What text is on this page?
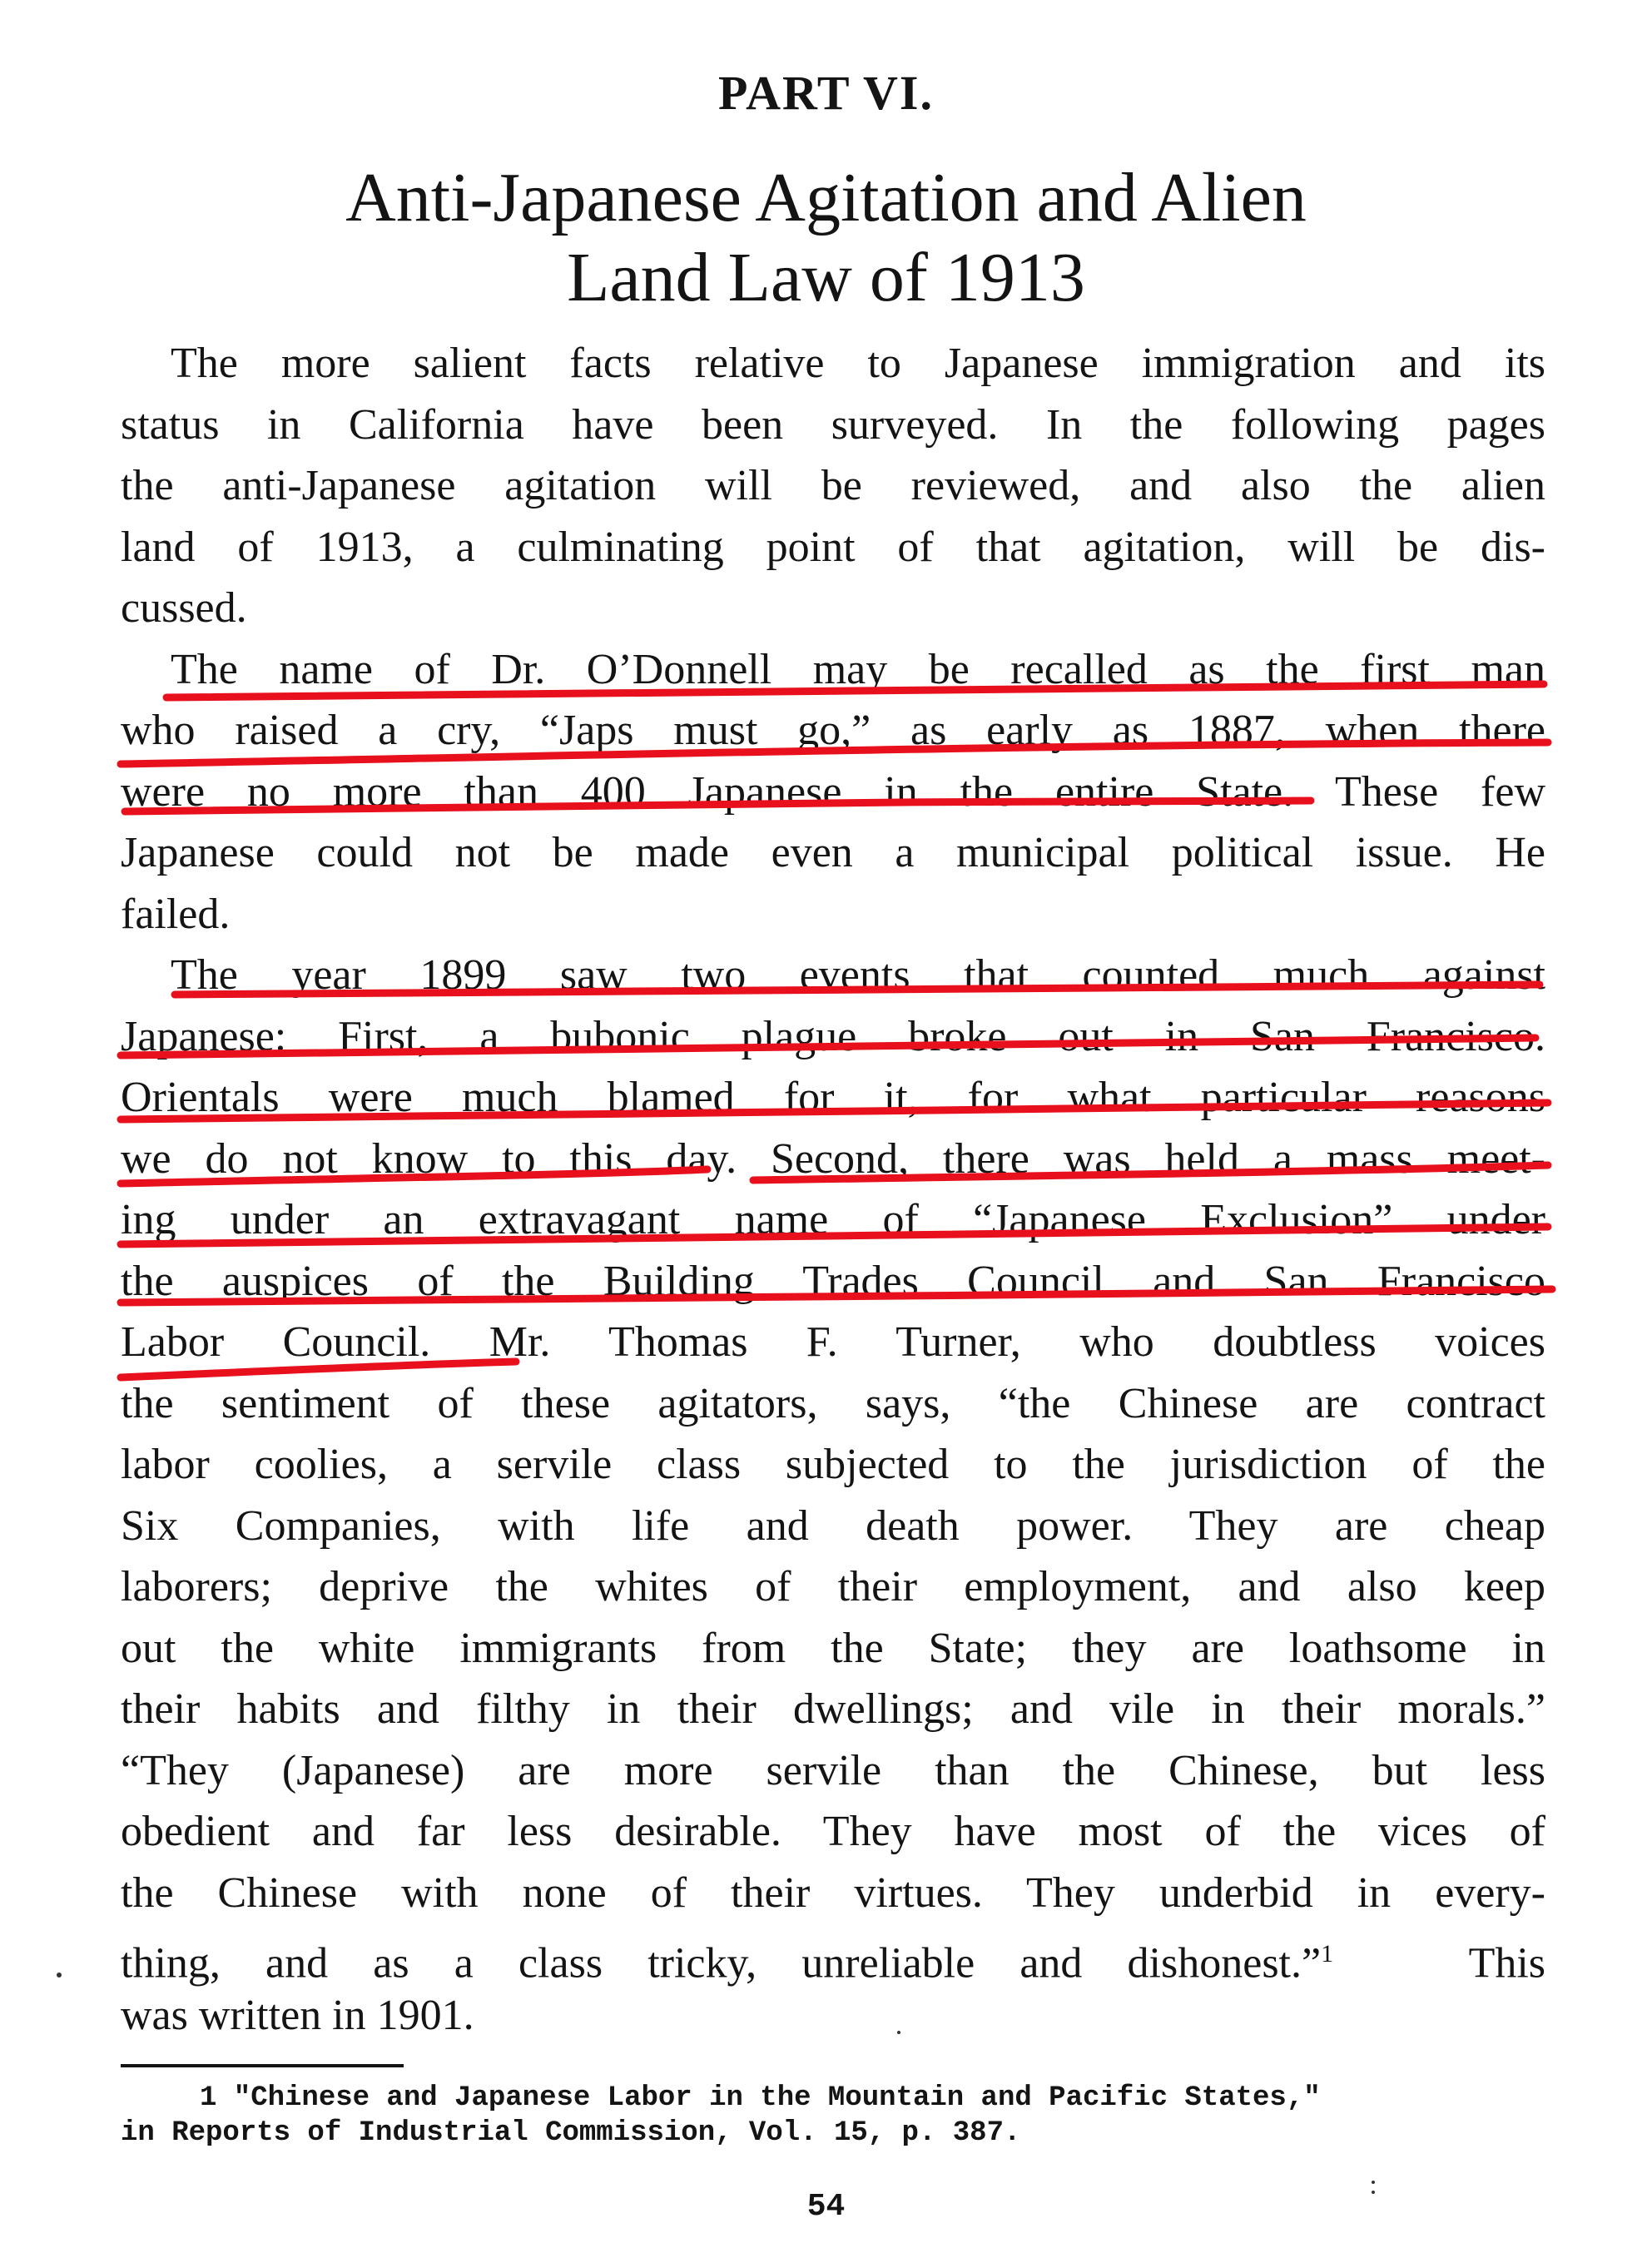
PART VI.
Anti-Japanese Agitation and Alien
Land Law of 1913
The more salient facts relative to Japanese immigration and its
status in California have been surveyed. In the following pages
the anti-Japanese agitation will be reviewed, and also the alien
land of 1913, a culminating point of that agitation, will be dis-
cussed.
The name of Dr. O’Donnell may be recalled as the first man
who raised a cry, “Japs must go,” as early as 1887, when there
were no more than 400 Japanese in the entire State. These few
Japanese could not be made even a municipal political issue. He
failed.
The year 1899 saw two events that counted much against
Japanese: First, a bubonic plague broke out in San Francisco.
Orientals were much blamed for it, for what particular reasons
we do not know to this day. Second, there was held a mass meet-
ing under an extravagant name of “Japanese Exclusion” under
the auspices of the Building Trades Council and San Francisco
Labor Council. Mr. Thomas F. Turner, who doubtless voices
the sentiment of these agitators, says, “the Chinese are contract
labor coolies, a servile class subjected to the jurisdiction of the
Six Companies, with life and death power. They are cheap
laborers; deprive the whites of their employment, and also keep
out the white immigrants from the State; they are loathsome in
their habits and filthy in their dwellings; and vile in their morals.”
“They (Japanese) are more servile than the Chinese, but less
obedient and far less desirable. They have most of the vices of
the Chinese with none of their virtues. They underbid in every-
thing, and as a class tricky, unreliable and dishonest.”$^1$	This
was written in 1901.
1 "Chinese and Japanese Labor in the Mountain and Pacific States,"
in Reports of Industrial Commission, Vol. 15, p. 387.
54
